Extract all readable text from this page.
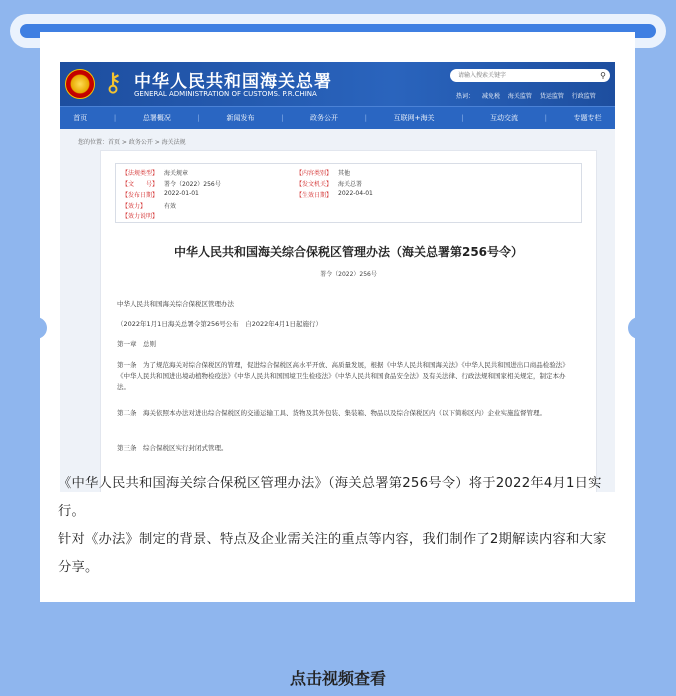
⚷ 中华人民共和国海关总署
GENERAL ADMINISTRATION OF CUSTOMS. P.R.CHINA
请输入搜索关键字	⚲
热词： 减免税 海关监管 货运监管 行政监管
首页	|	总署概况	|	新闻发布	|	政务公开	|	互联网+海关	|	互动交流	|	专题专栏
您的位置：首页 > 政务公开 > 海关法规
【法规类型】 海关规章	【内容类别】 其他
【文　　号】 署令（2022）256号	【发文机关】 海关总署
【发布日期】 2022-01-01	【生效日期】 2022-04-01
【效力】	有效
【效力说明】
中华人民共和国海关综合保税区管理办法（海关总署第256号令）
署令（2022）256号
中华人民共和国海关综合保税区管理办法
（2022年1月1日海关总署令第256号公布　自2022年4月1日起施行）
第一章　总则
第一条　为了规范海关对综合保税区的管理，促进综合保税区高水平开放、高质量发展，根据《中华人民共和国海关法》《中华人民共和国进出口商品检验法》《中华人民共和国进出境动植物检疫法》《中华人民共和国国境卫生检疫法》《中华人民共和国食品安全法》及有关法律、行政法规和国家相关规定，制定本办法。
第二条　海关依照本办法对进出综合保税区的交通运输工具、货物及其外包装、集装箱、物品以及综合保税区内（以下简称区内）企业实施监督管理。
第三条　综合保税区实行封闭式管理。
《中华人民共和国海关综合保税区管理办法》（海关总署第256号令）将于2022年4月1日实行。
针对《办法》制定的背景、特点及企业需关注的重点等内容，我们制作了2期解读内容和大家分享。
点击视频查看
